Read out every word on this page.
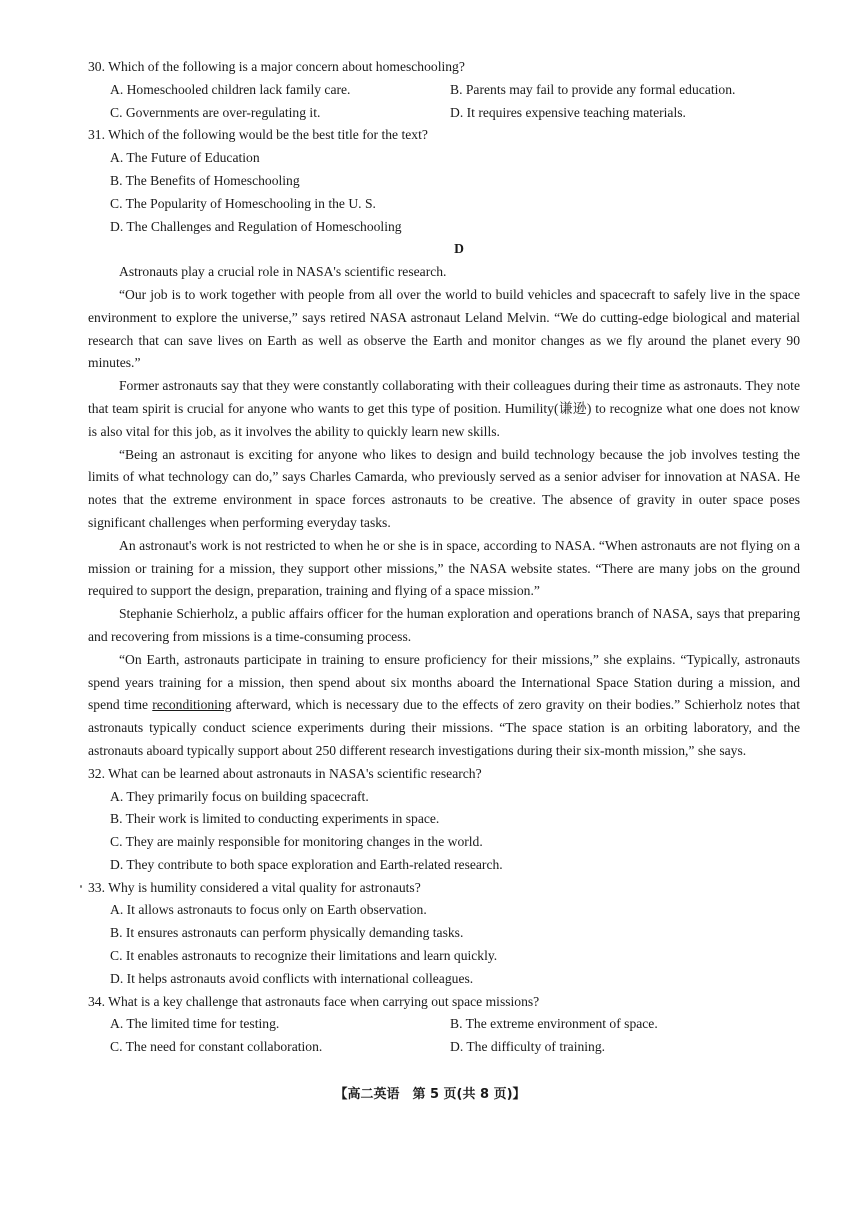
30. Which of the following is a major concern about homeschooling?

A. Homeschooled children lack family care.	B. Parents may fail to provide any formal education.
C. Governments are over-regulating it.	D. It requires expensive teaching materials.

31. Which of the following would be the best title for the text?

A. The Future of Education

B. The Benefits of Homeschooling

C. The Popularity of Homeschooling in the U. S.

D. The Challenges and Regulation of Homeschooling

D

Astronauts play a crucial role in NASA's scientific research.

“Our job is to work together with people from all over the world to build vehicles and spacecraft to safely live in the space environment to explore the universe,” says retired NASA astronaut Leland Melvin. “We do cutting-edge biological and material research that can save lives on Earth as well as observe the Earth and monitor changes as we fly around the planet every 90 minutes.”

Former astronauts say that they were constantly collaborating with their colleagues during their time as astronauts. They note that team spirit is crucial for anyone who wants to get this type of position. Humility(谦逊) to recognize what one does not know is also vital for this job, as it involves the ability to quickly learn new skills.

“Being an astronaut is exciting for anyone who likes to design and build technology because the job involves testing the limits of what technology can do,” says Charles Camarda, who previously served as a senior adviser for innovation at NASA. He notes that the extreme environment in space forces astronauts to be creative. The absence of gravity in outer space poses significant challenges when performing everyday tasks.

An astronaut's work is not restricted to when he or she is in space, according to NASA. “When astronauts are not flying on a mission or training for a mission, they support other missions,” the NASA website states. “There are many jobs on the ground required to support the design, preparation, training and flying of a space mission.”

Stephanie Schierholz, a public affairs officer for the human exploration and operations branch of NASA, says that preparing and recovering from missions is a time-consuming process.

“On Earth, astronauts participate in training to ensure proficiency for their missions,” she explains. “Typically, astronauts spend years training for a mission, then spend about six months aboard the International Space Station during a mission, and spend time reconditioning afterward, which is necessary due to the effects of zero gravity on their bodies.” Schierholz notes that astronauts typically conduct science experiments during their missions. “The space station is an orbiting laboratory, and the astronauts aboard typically support about 250 different research investigations during their six-month mission,” she says.

32. What can be learned about astronauts in NASA's scientific research?

A. They primarily focus on building spacecraft.

B. Their work is limited to conducting experiments in space.

C. They are mainly responsible for monitoring changes in the world.

D. They contribute to both space exploration and Earth-related research.

33. Why is humility considered a vital quality for astronauts?

A. It allows astronauts to focus only on Earth observation.

B. It ensures astronauts can perform physically demanding tasks.

C. It enables astronauts to recognize their limitations and learn quickly.

D. It helps astronauts avoid conflicts with international colleagues.

34. What is a key challenge that astronauts face when carrying out space missions?

A. The limited time for testing.	B. The extreme environment of space.
C. The need for constant collaboration.	D. The difficulty of training.
【高二英语　第 5 页(共 8 页)】
